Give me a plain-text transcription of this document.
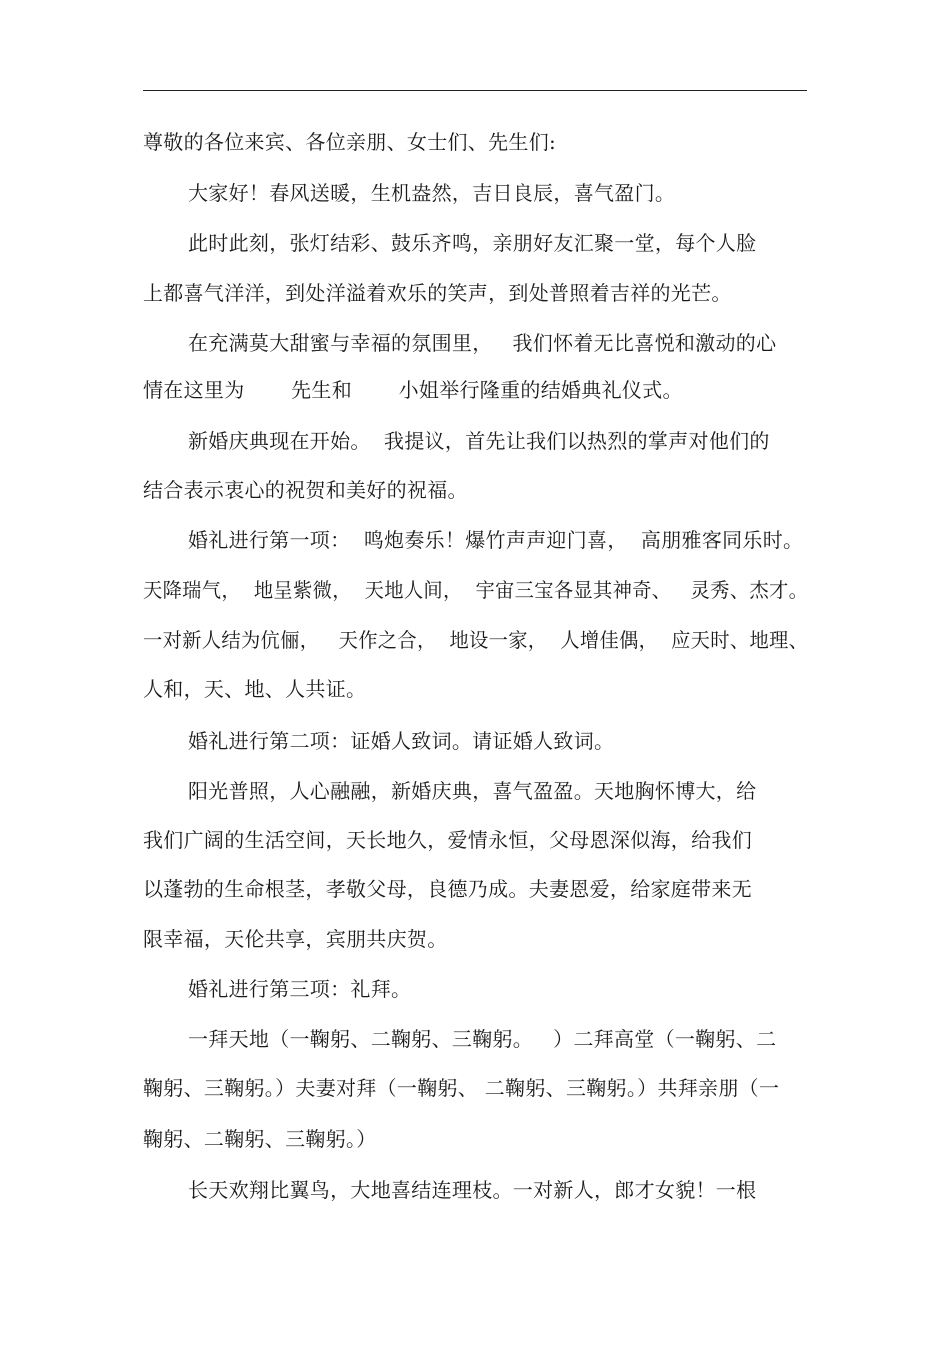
尊敬的各位来宾、各位亲朋、女士们、先生们:
大家好！春风送暖，生机盎然，吉日良辰，喜气盈门。
此时此刻，张灯结彩、鼓乐齐鸣，亲朋好友汇聚一堂，每个人脸
上都喜气洋洋，到处洋溢着欢乐的笑声，到处普照着吉祥的光芒。
在充满莫大甜蜜与幸福的氛围里，   我们怀着无比喜悦和激动的心
情在这里为       先生和       小姐举行隆重的结婚典礼仪式。
新婚庆典现在开始。  我提议，首先让我们以热烈的掌声对他们的
结合表示衷心的祝贺和美好的祝福。
婚礼进行第一项：  鸣炮奏乐！爆竹声声迎门喜，  高朋雅客同乐时。
天降瑞气，  地呈紫微，  天地人间，  宇宙三宝各显其神奇、   灵秀、杰才。
一对新人结为伉俪，   天作之合，  地设一家，  人增佳偶，  应天时、地理、
人和，天、地、人共证。
婚礼进行第二项：证婚人致词。请证婚人致词。
阳光普照，人心融融，新婚庆典，喜气盈盈。天地胸怀博大，给
我们广阔的生活空间，天长地久，爱情永恒，父母恩深似海，给我们
以蓬勃的生命根茎，孝敬父母，良德乃成。夫妻恩爱，给家庭带来无
限幸福，天伦共享，宾朋共庆贺。
婚礼进行第三项：礼拜。
一拜天地（一鞠躬、二鞠躬、三鞠躬。   ）二拜高堂（一鞠躬、二
鞠躬、三鞠躬。）夫妻对拜（一鞠躬、 二鞠躬、三鞠躬。）共拜亲朋（一
鞠躬、二鞠躬、三鞠躬。）
长天欢翔比翼鸟，大地喜结连理枝。一对新人，郎才女貌！一根
